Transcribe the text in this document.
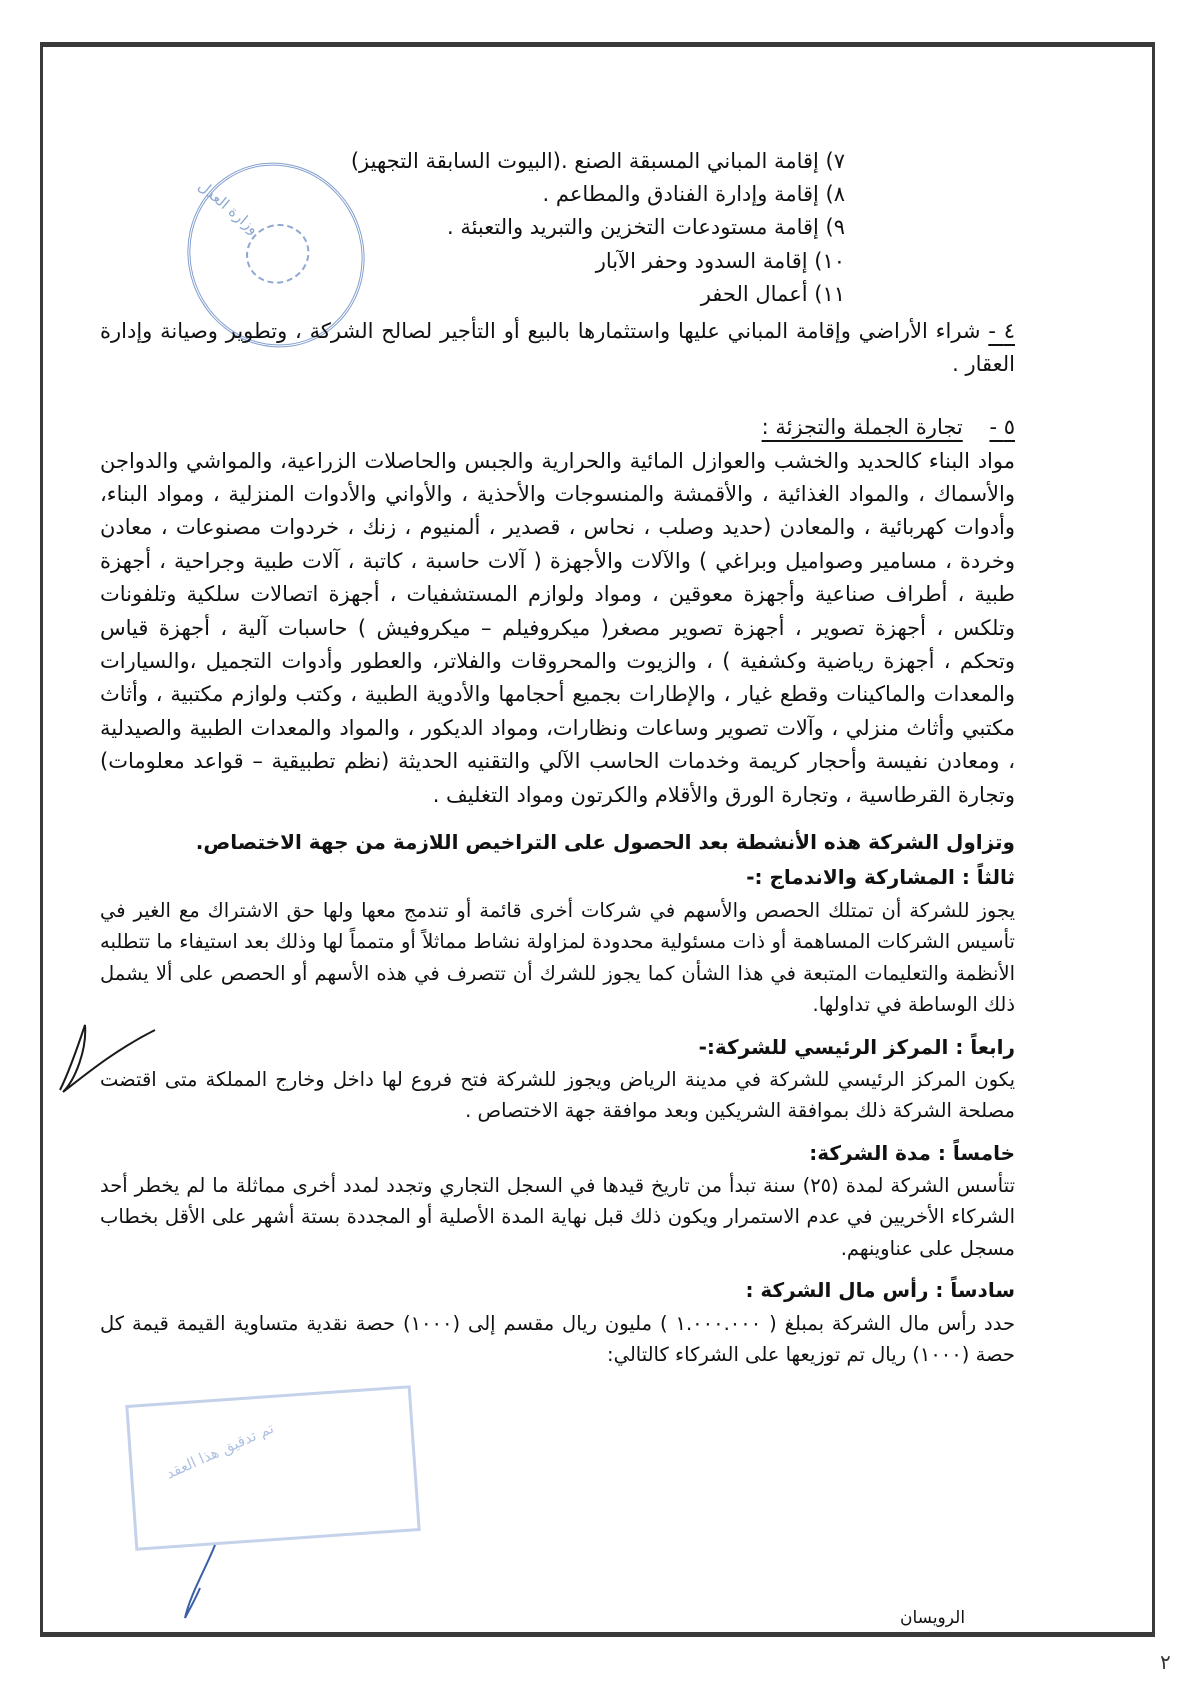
وزارة العدل
تم تدقيق هذا العقد
٧) إقامة المباني المسبقة الصنع .(البيوت السابقة التجهيز)
٨) إقامة وإدارة الفنادق والمطاعم .
٩) إقامة مستودعات التخزين والتبريد والتعبئة .
١٠) إقامة السدود وحفر الآبار
١١) أعمال الحفر
٤ - شراء الأراضي وإقامة المباني عليها واستثمارها بالبيع أو التأجير لصالح الشركة ، وتطوير وصيانة وإدارة العقار .
٥ -    تجارة الجملة والتجزئة :
مواد البناء كالحديد والخشب والعوازل المائية والحرارية والجبس والحاصلات الزراعية، والمواشي والدواجن والأسماك ، والمواد الغذائية ، والأقمشة والمنسوجات والأحذية ، والأواني والأدوات المنزلية ، ومواد البناء، وأدوات كهربائية ، والمعادن (حديد وصلب ، نحاس ، قصدير ، ألمنيوم ، زنك ، خردوات مصنوعات ، معادن وخردة ، مسامير وصواميل وبراغي ) والآلات والأجهزة ( آلات حاسبة ، كاتبة ، آلات طبية وجراحية ، أجهزة طبية ، أطراف صناعية وأجهزة معوقين ، ومواد ولوازم المستشفيات ، أجهزة اتصالات سلكية وتلفونات وتلكس ، أجهزة تصوير ، أجهزة تصوير مصغر( ميكروفيلم – ميكروفيش ) حاسبات آلية ، أجهزة قياس وتحكم ، أجهزة رياضية وكشفية ) ، والزيوت والمحروقات والفلاتر، والعطور وأدوات التجميل ،والسيارات والمعدات والماكينات وقطع غيار ، والإطارات بجميع أحجامها والأدوية الطبية ، وكتب ولوازم مكتبية ، وأثاث مكتبي وأثاث منزلي ، وآلات تصوير وساعات ونظارات، ومواد الديكور ، والمواد والمعدات الطبية والصيدلية ، ومعادن نفيسة وأحجار كريمة وخدمات الحاسب الآلي والتقنيه الحديثة (نظم تطبيقية – قواعد معلومات) وتجارة القرطاسية ، وتجارة الورق والأقلام والكرتون ومواد التغليف .
وتزاول الشركة هذه الأنشطة بعد الحصول على التراخيص اللازمة من جهة الاختصاص.
ثالثاً : المشاركة والاندماج :-
يجوز للشركة أن تمتلك الحصص والأسهم في شركات أخرى قائمة أو تندمج معها ولها حق الاشتراك مع الغير في تأسيس الشركات المساهمة أو ذات مسئولية محدودة لمزاولة نشاط مماثلاً أو متمماً لها وذلك بعد استيفاء ما تتطلبه الأنظمة والتعليمات المتبعة في هذا الشأن كما يجوز للشرك أن تتصرف في هذه الأسهم أو الحصص على ألا يشمل ذلك الوساطة في تداولها.
رابعاً : المركز الرئيسي للشركة:-
يكون المركز الرئيسي للشركة في مدينة الرياض ويجوز للشركة فتح فروع لها داخل وخارج المملكة متى اقتضت مصلحة الشركة ذلك بموافقة الشريكين وبعد موافقة جهة الاختصاص .
خامساً : مدة الشركة:
تتأسس الشركة لمدة (٢٥) سنة تبدأ من تاريخ قيدها في السجل التجاري وتجدد لمدد أخرى مماثلة ما لم يخطر أحد الشركاء الأخريين في عدم الاستمرار ويكون ذلك قبل نهاية المدة الأصلية أو المجددة بستة أشهر على الأقل بخطاب مسجل على عناوينهم.
سادساً : رأس مال الشركة :
حدد رأس مال الشركة بمبلغ ( ١.٠٠٠.٠٠٠ ) مليون ريال مقسم إلى (١٠٠٠) حصة نقدية متساوية القيمة قيمة كل حصة (١٠٠٠) ريال تم توزيعها على الشركاء كالتالي:
الرويسان
٢
